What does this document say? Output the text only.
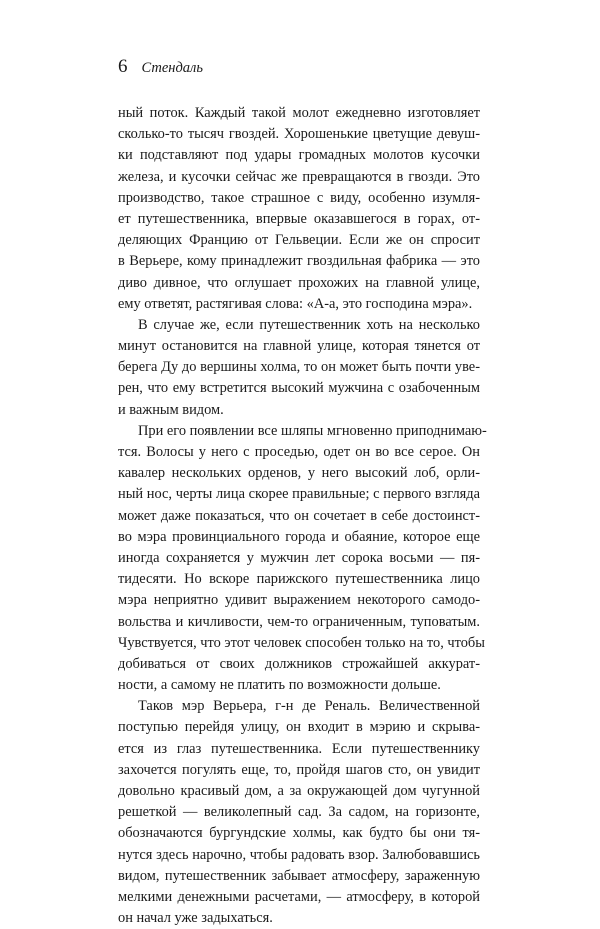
6 Стендаль
ный поток. Каждый такой молот ежедневно изготовляет
сколько-то тысяч гвоздей. Хорошенькие цветущие девуш-
ки подставляют под удары громадных молотов кусочки
железа, и кусочки сейчас же превращаются в гвозди. Это
производство, такое страшное с виду, особенно изумля-
ет путешественника, впервые оказавшегося в горах, от-
деляющих Францию от Гельвеции. Если же он спросит
в Верьере, кому принадлежит гвоздильная фабрика — это
диво дивное, что оглушает прохожих на главной улице,
ему ответят, растягивая слова: «А-а, это господина мэра».
В случае же, если путешественник хоть на несколько
минут остановится на главной улице, которая тянется от
берега Ду до вершины холма, то он может быть почти уве-
рен, что ему встретится высокий мужчина с озабоченным
и важным видом.
При его появлении все шляпы мгновенно приподнимаю-
тся. Волосы у него с проседью, одет он во все серое. Он
кавалер нескольких орденов, у него высокий лоб, орли-
ный нос, черты лица скорее правильные; с первого взгляда
может даже показаться, что он сочетает в себе достоинст-
во мэра провинциального города и обаяние, которое еще
иногда сохраняется у мужчин лет сорока восьми — пя-
тидесяти. Но вскоре парижского путешественника лицо
мэра неприятно удивит выражением некоторого самодо-
вольства и кичливости, чем-то ограниченным, туповатым.
Чувствуется, что этот человек способен только на то, чтобы
добиваться от своих должников строжайшей аккурат-
ности, а самому не платить по возможности дольше.
Таков мэр Верьера, г-н де Реналь. Величественной
поступью перейдя улицу, он входит в мэрию и скрыва-
ется из глаз путешественника. Если путешественнику
захочется погулять еще, то, пройдя шагов сто, он увидит
довольно красивый дом, а за окружающей дом чугунной
решеткой — великолепный сад. За садом, на горизонте,
обозначаются бургундские холмы, как будто бы они тя-
нутся здесь нарочно, чтобы радовать взор. Залюбовавшись
видом, путешественник забывает атмосферу, зараженную
мелкими денежными расчетами, — атмосферу, в которой
он начал уже задыхаться.
